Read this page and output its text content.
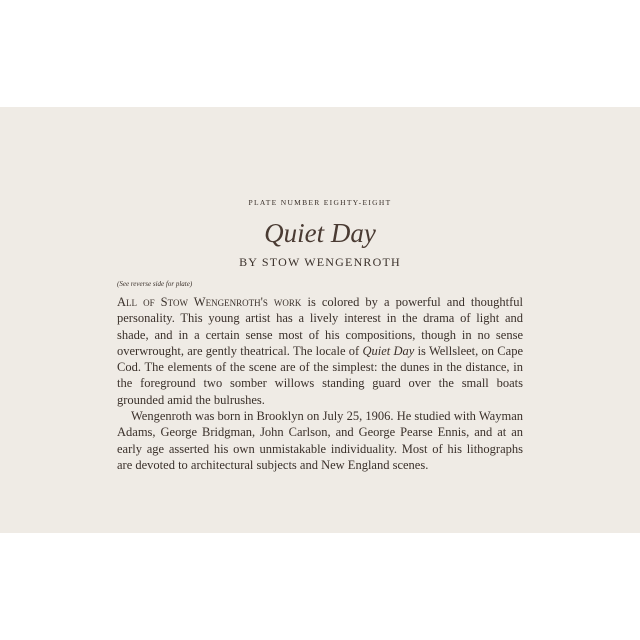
PLATE NUMBER EIGHTY-EIGHT
Quiet Day
BY STOW WENGENROTH
(See reverse side for plate)

All of Stow Wengenroth's work is colored by a powerful and thoughtful personality. This young artist has a lively interest in the drama of light and shade, and in a certain sense most of his compositions, though in no sense overwrought, are gently theatrical. The locale of Quiet Day is Wellsleet, on Cape Cod. The elements of the scene are of the simplest: the dunes in the distance, in the foreground two somber willows standing guard over the small boats grounded amid the bulrushes.

Wengenroth was born in Brooklyn on July 25, 1906. He studied with Wayman Adams, George Bridgman, John Carlson, and George Pearse Ennis, and at an early age asserted his own unmistakable individuality. Most of his lithographs are devoted to architectural subjects and New England scenes.
